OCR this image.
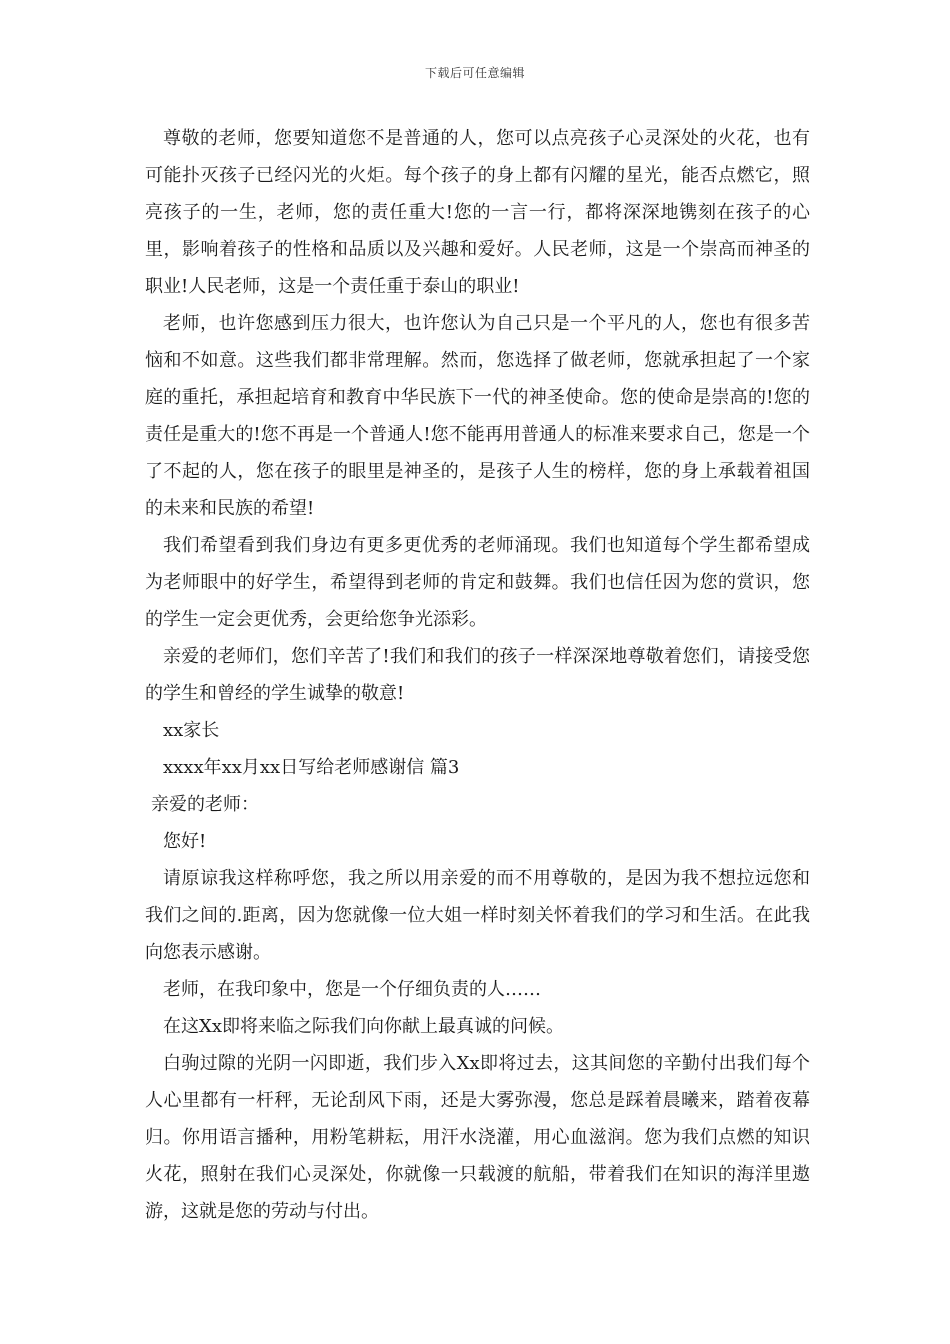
下载后可任意编辑

尊敬的老师，您要知道您不是普通的人，您可以点亮孩子心灵深处的火花，也有可能扑灭孩子已经闪光的火炬。每个孩子的身上都有闪耀的星光，能否点燃它，照亮孩子的一生，老师，您的责任重大!您的一言一行，都将深深地镌刻在孩子的心里，影响着孩子的性格和品质以及兴趣和爱好。人民老师，这是一个崇高而神圣的职业!人民老师，这是一个责任重于泰山的职业!

老师，也许您感到压力很大，也许您认为自己只是一个平凡的人，您也有很多苦恼和不如意。这些我们都非常理解。然而，您选择了做老师，您就承担起了一个家庭的重托，承担起培育和教育中华民族下一代的神圣使命。您的使命是崇高的!您的责任是重大的!您不再是一个普通人!您不能再用普通人的标准来要求自己，您是一个了不起的人，您在孩子的眼里是神圣的，是孩子人生的榜样，您的身上承载着祖国的未来和民族的希望!

我们希望看到我们身边有更多更优秀的老师涌现。我们也知道每个学生都希望成为老师眼中的好学生，希望得到老师的肯定和鼓舞。我们也信任因为您的赏识，您的学生一定会更优秀，会更给您争光添彩。

亲爱的老师们，您们辛苦了!我们和我们的孩子一样深深地尊敬着您们，请接受您的学生和曾经的学生诚挚的敬意!

xx家长

xxxx年xx月xx日写给老师感谢信 篇3

亲爱的老师：

您好!

请原谅我这样称呼您，我之所以用亲爱的而不用尊敬的，是因为我不想拉远您和我们之间的.距离，因为您就像一位大姐一样时刻关怀着我们的学习和生活。在此我向您表示感谢。

老师，在我印象中，您是一个仔细负责的人……

在这Xx即将来临之际我们向你献上最真诚的问候。

白驹过隙的光阴一闪即逝，我们步入Xx即将过去，这其间您的辛勤付出我们每个人心里都有一杆秤，无论刮风下雨，还是大雾弥漫，您总是踩着晨曦来，踏着夜幕归。你用语言播种，用粉笔耕耘，用汗水浇灌，用心血滋润。您为我们点燃的知识火花，照射在我们心灵深处，你就像一只载渡的航船，带着我们在知识的海洋里遨游，这就是您的劳动与付出。
